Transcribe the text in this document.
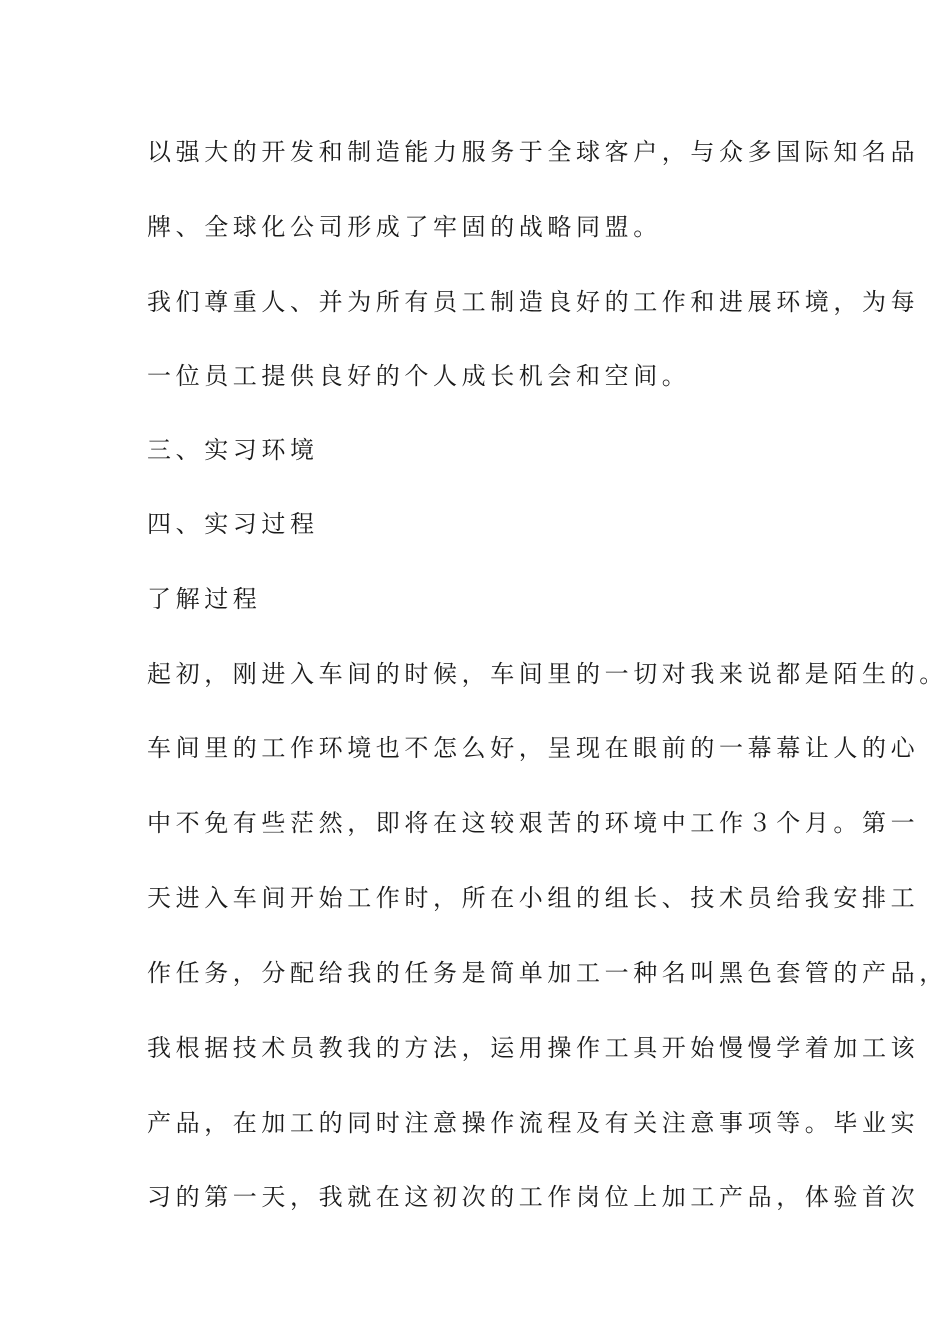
以强大的开发和制造能力服务于全球客户，与众多国际知名品
牌、全球化公司形成了牢固的战略同盟。
我们尊重人、并为所有员工制造良好的工作和进展环境，为每
一位员工提供良好的个人成长机会和空间。
三、实习环境
四、实习过程
了解过程
起初，刚进入车间的时候，车间里的一切对我来说都是陌生的。
车间里的工作环境也不怎么好，呈现在眼前的一幕幕让人的心
中不免有些茫然，即将在这较艰苦的环境中工作３个月。第一
天进入车间开始工作时，所在小组的组长、技术员给我安排工
作任务，分配给我的任务是简单加工一种名叫黑色套管的产品，
我根据技术员教我的方法，运用操作工具开始慢慢学着加工该
产品，在加工的同时注意操作流程及有关注意事项等。毕业实
习的第一天，我就在这初次的工作岗位上加工产品，体验首次
